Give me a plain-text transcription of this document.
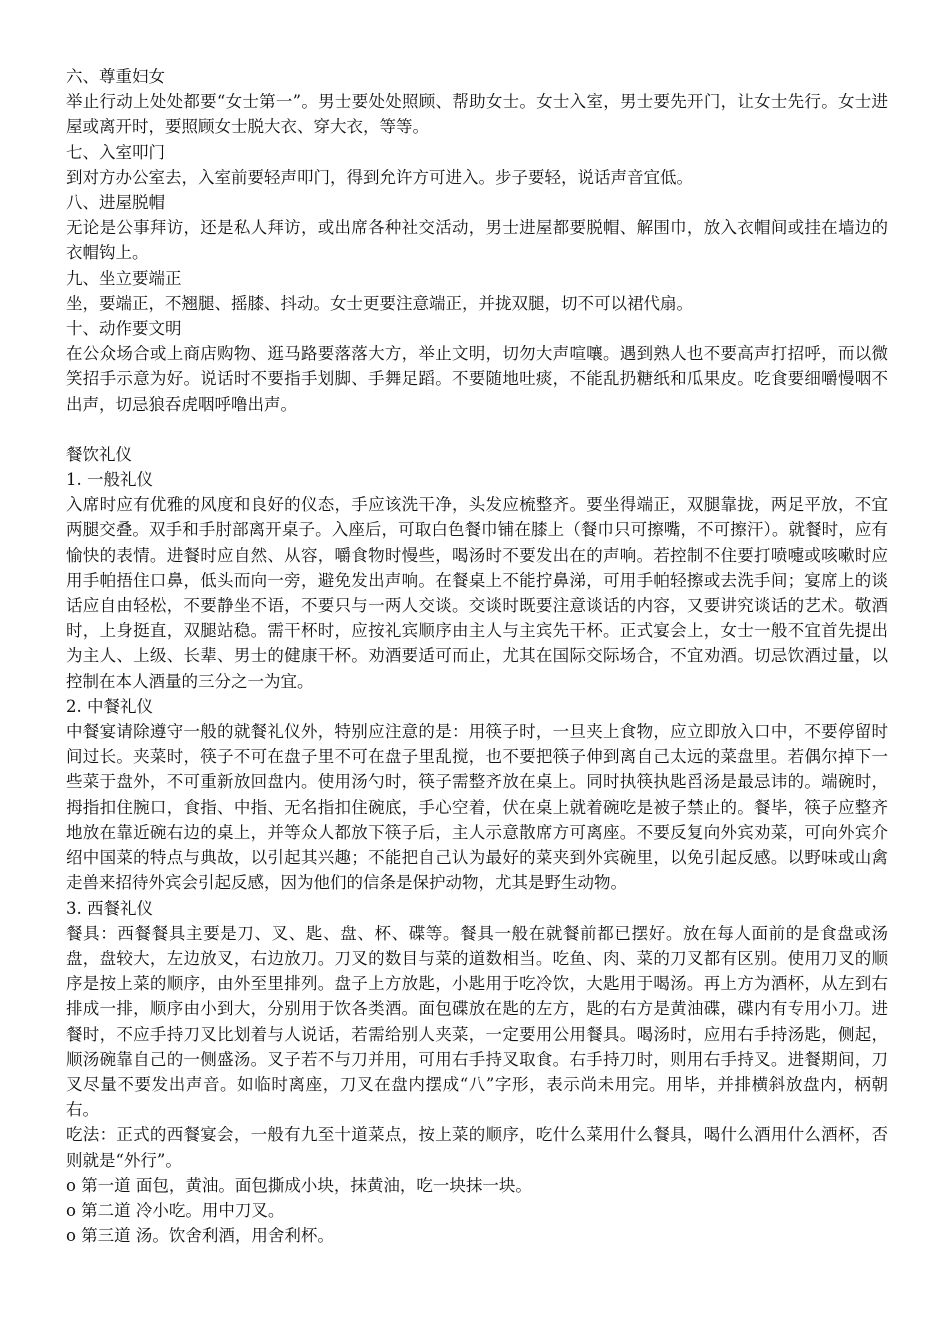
六、尊重妇女

举止行动上处处都要“女士第一”。男士要处处照顾、帮助女士。女士入室，男士要先开门，让女士先行。女士进屋或离开时，要照顾女士脱大衣、穿大衣，等等。

七、入室叩门

到对方办公室去，入室前要轻声叩门，得到允许方可进入。步子要轻，说话声音宜低。

八、进屋脱帽

无论是公事拜访，还是私人拜访，或出席各种社交活动，男士进屋都要脱帽、解围巾，放入衣帽间或挂在墙边的衣帽钩上。

九、坐立要端正

坐，要端正，不翘腿、摇膝、抖动。女士更要注意端正，并拢双腿，切不可以裙代扇。

十、动作要文明

在公众场合或上商店购物、逛马路要落落大方，举止文明，切勿大声喧嚷。遇到熟人也不要高声打招呼，而以微笑招手示意为好。说话时不要指手划脚、手舞足蹈。不要随地吐痰，不能乱扔糖纸和瓜果皮。吃食要细嚼慢咽不出声，切忌狼吞虎咽呼噜出声。

餐饮礼仪

1. 一般礼仪

入席时应有优雅的风度和良好的仪态，手应该洗干净，头发应梳整齐。要坐得端正，双腿靠拢，两足平放，不宜两腿交叠。双手和手肘部离开桌子。入座后，可取白色餐巾铺在膝上（餐巾只可擦嘴，不可擦汗）。就餐时，应有愉快的表情。进餐时应自然、从容，嚼食物时慢些，喝汤时不要发出在的声响。若控制不住要打喷嚏或咳嗽时应用手帕捂住口鼻，低头而向一旁，避免发出声响。在餐桌上不能拧鼻涕，可用手帕轻擦或去洗手间；宴席上的谈话应自由轻松，不要静坐不语，不要只与一两人交谈。交谈时既要注意谈话的内容，又要讲究谈话的艺术。敬酒时，上身挺直，双腿站稳。需干杯时，应按礼宾顺序由主人与主宾先干杯。正式宴会上，女士一般不宜首先提出为主人、上级、长辈、男士的健康干杯。劝酒要适可而止，尤其在国际交际场合，不宜劝酒。切忌饮酒过量，以控制在本人酒量的三分之一为宜。

2. 中餐礼仪

中餐宴请除遵守一般的就餐礼仪外，特别应注意的是：用筷子时，一旦夹上食物，应立即放入口中，不要停留时间过长。夹菜时，筷子不可在盘子里不可在盘子里乱搅，也不要把筷子伸到离自己太远的菜盘里。若偶尔掉下一些菜于盘外，不可重新放回盘内。使用汤勺时，筷子需整齐放在桌上。同时执筷执匙舀汤是最忌讳的。端碗时，拇指扣住腕口，食指、中指、无名指扣住碗底，手心空着，伏在桌上就着碗吃是被子禁止的。餐毕，筷子应整齐地放在靠近碗右边的桌上，并等众人都放下筷子后，主人示意散席方可离座。不要反复向外宾劝菜，可向外宾介绍中国菜的特点与典故，以引起其兴趣；不能把自己认为最好的菜夹到外宾碗里，以免引起反感。以野味或山禽走兽来招待外宾会引起反感，因为他们的信条是保护动物，尤其是野生动物。

3. 西餐礼仪

餐具：西餐餐具主要是刀、叉、匙、盘、杯、碟等。餐具一般在就餐前都已摆好。放在每人面前的是食盘或汤盘，盘较大，左边放叉，右边放刀。刀叉的数目与菜的道数相当。吃鱼、肉、菜的刀叉都有区别。使用刀叉的顺序是按上菜的顺序，由外至里排列。盘子上方放匙，小匙用于吃冷饮，大匙用于喝汤。再上方为酒杯，从左到右排成一排，顺序由小到大，分别用于饮各类酒。面包碟放在匙的左方，匙的右方是黄油碟，碟内有专用小刀。进餐时，不应手持刀叉比划着与人说话，若需给别人夹菜，一定要用公用餐具。喝汤时，应用右手持汤匙，侧起，顺汤碗靠自己的一侧盛汤。叉子若不与刀并用，可用右手持叉取食。右手持刀时，则用右手持叉。进餐期间，刀叉尽量不要发出声音。如临时离座，刀叉在盘内摆成“八”字形，表示尚未用完。用毕，并排横斜放盘内，柄朝右。

吃法：正式的西餐宴会，一般有九至十道菜点，按上菜的顺序，吃什么菜用什么餐具，喝什么酒用什么酒杯，否则就是“外行”。

o 第一道 面包，黄油。面包撕成小块，抹黄油，吃一块抹一块。

o 第二道 冷小吃。用中刀叉。

o 第三道 汤。饮舍利酒，用舍利杯。
